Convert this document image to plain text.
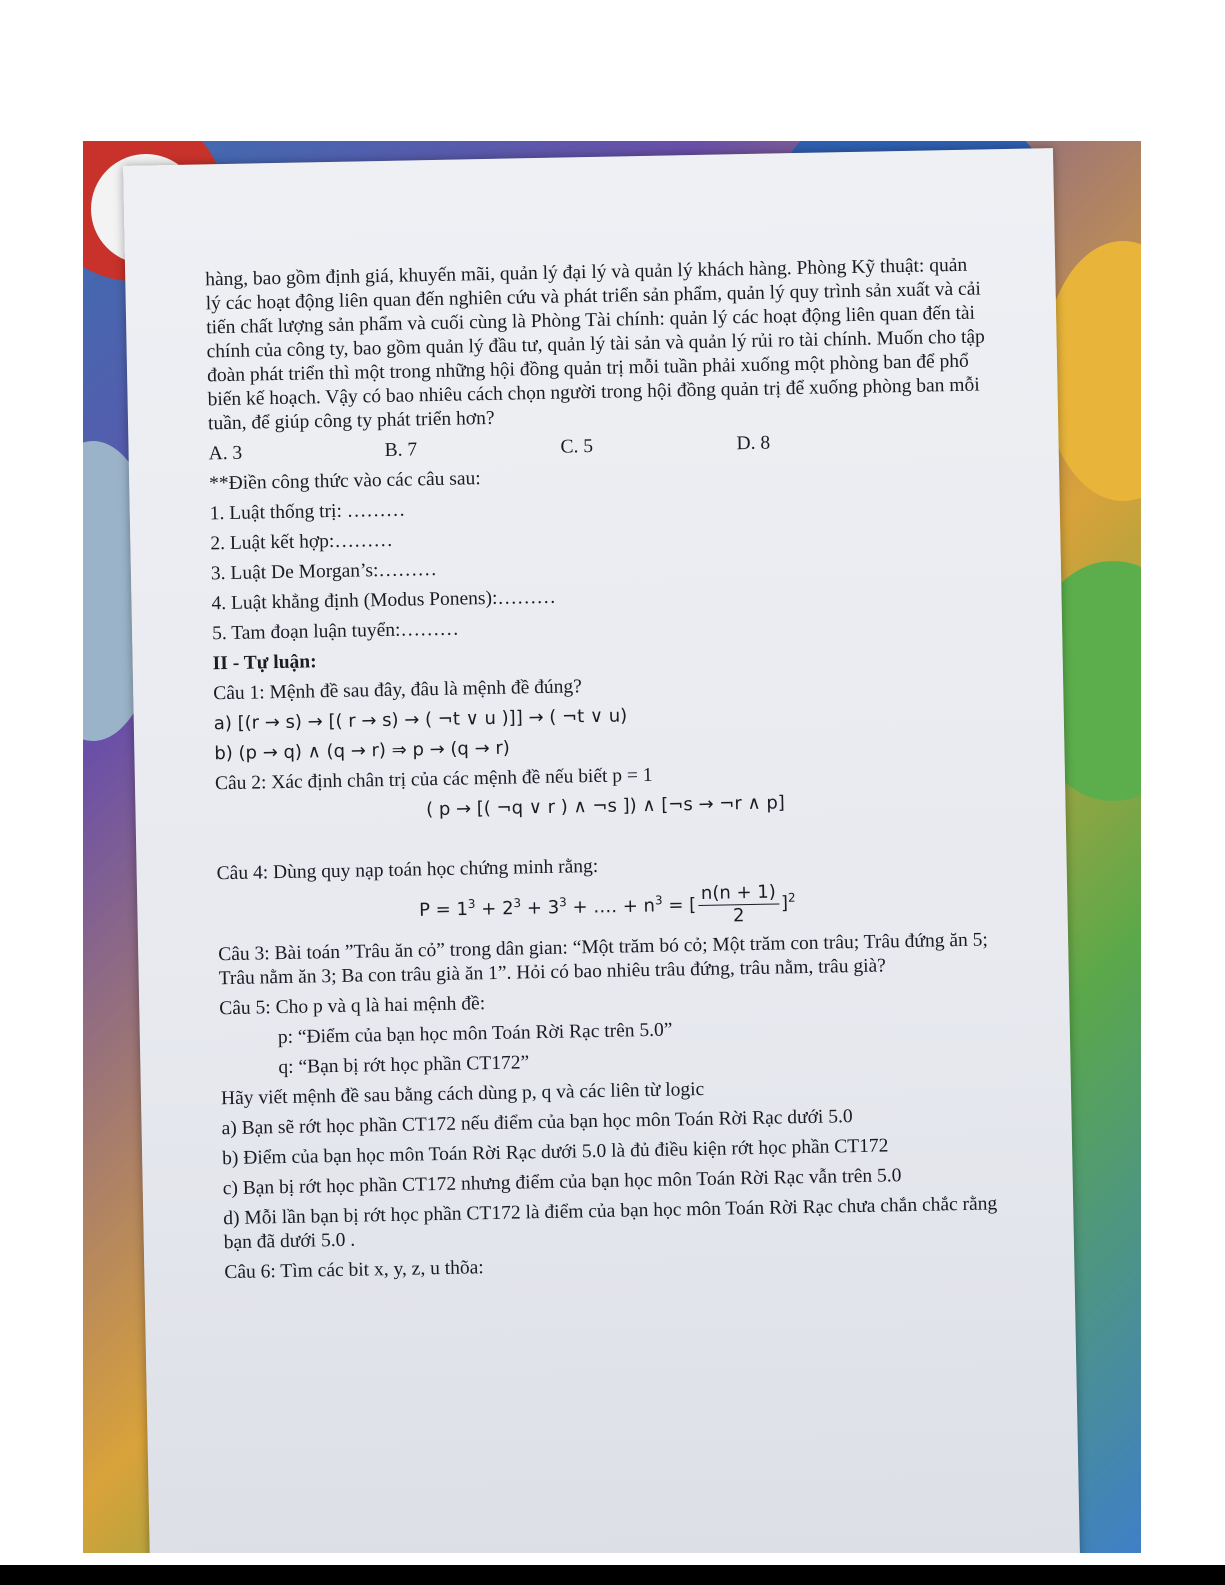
hàng, bao gồm định giá, khuyến mãi, quản lý đại lý và quản lý khách hàng. Phòng Kỹ thuật: quản lý các hoạt động liên quan đến nghiên cứu và phát triển sản phẩm, quản lý quy trình sản xuất và cải tiến chất lượng sản phẩm và cuối cùng là Phòng Tài chính: quản lý các hoạt động liên quan đến tài chính của công ty, bao gồm quản lý đầu tư, quản lý tài sản và quản lý rủi ro tài chính. Muốn cho tập đoàn phát triển thì một trong những hội đồng quản trị mỗi tuần phải xuống một phòng ban để phổ biến kế hoạch. Vậy có bao nhiêu cách chọn người trong hội đồng quản trị để xuống phòng ban mỗi tuần, để giúp công ty phát triển hơn?

A. 3	B. 7	C. 5	D. 8
**Điền công thức vào các câu sau:
1. Luật thống trị: ………
2. Luật kết hợp:………
3. Luật De Morgan’s:………
4. Luật khẳng định (Modus Ponens):………
5. Tam đoạn luận tuyển:………
II - Tự luận:
Câu 1: Mệnh đề sau đây, đâu là mệnh đề đúng?
a) [(r → s) → [( r → s) → ( ¬t ∨ u )]] → ( ¬t ∨ u)
b) (p → q) ∧ (q → r) ⇒ p → (q → r)
Câu 2: Xác định chân trị của các mệnh đề nếu biết p = 1
( p → [( ¬q ∨ r ) ∧ ¬s ]) ∧ [¬s → ¬r ∧ p]
Câu 4: Dùng quy nạp toán học chứng minh rằng:
$P = 1^3 + 2^3 + 3^3$ + …. + $n^3$ = [ $\frac{n(n + 1)}{2} ]^2$
Câu 3: Bài toán ”Trâu ăn cỏ” trong dân gian: “Một trăm bó cỏ; Một trăm con trâu; Trâu đứng ăn 5; Trâu nằm ăn 3; Ba con trâu già ăn 1”. Hỏi có bao nhiêu trâu đứng, trâu nằm, trâu già?
Câu 5: Cho p và q là hai mệnh đề:
p: “Điểm của bạn học môn Toán Rời Rạc trên 5.0”
q: “Bạn bị rớt học phần CT172”
Hãy viết mệnh đề sau bằng cách dùng p, q và các liên từ logic
a) Bạn sẽ rớt học phần CT172 nếu điểm của bạn học môn Toán Rời Rạc dưới 5.0
b) Điểm của bạn học môn Toán Rời Rạc dưới 5.0 là đủ điều kiện rớt học phần CT172
c) Bạn bị rớt học phần CT172 nhưng điểm của bạn học môn Toán Rời Rạc vẫn trên 5.0
d) Mỗi lần bạn bị rớt học phần CT172 là điểm của bạn học môn Toán Rời Rạc chưa chắn chắc rằng bạn đã dưới 5.0 .
Câu 6: Tìm các bit x, y, z, u thõa:
